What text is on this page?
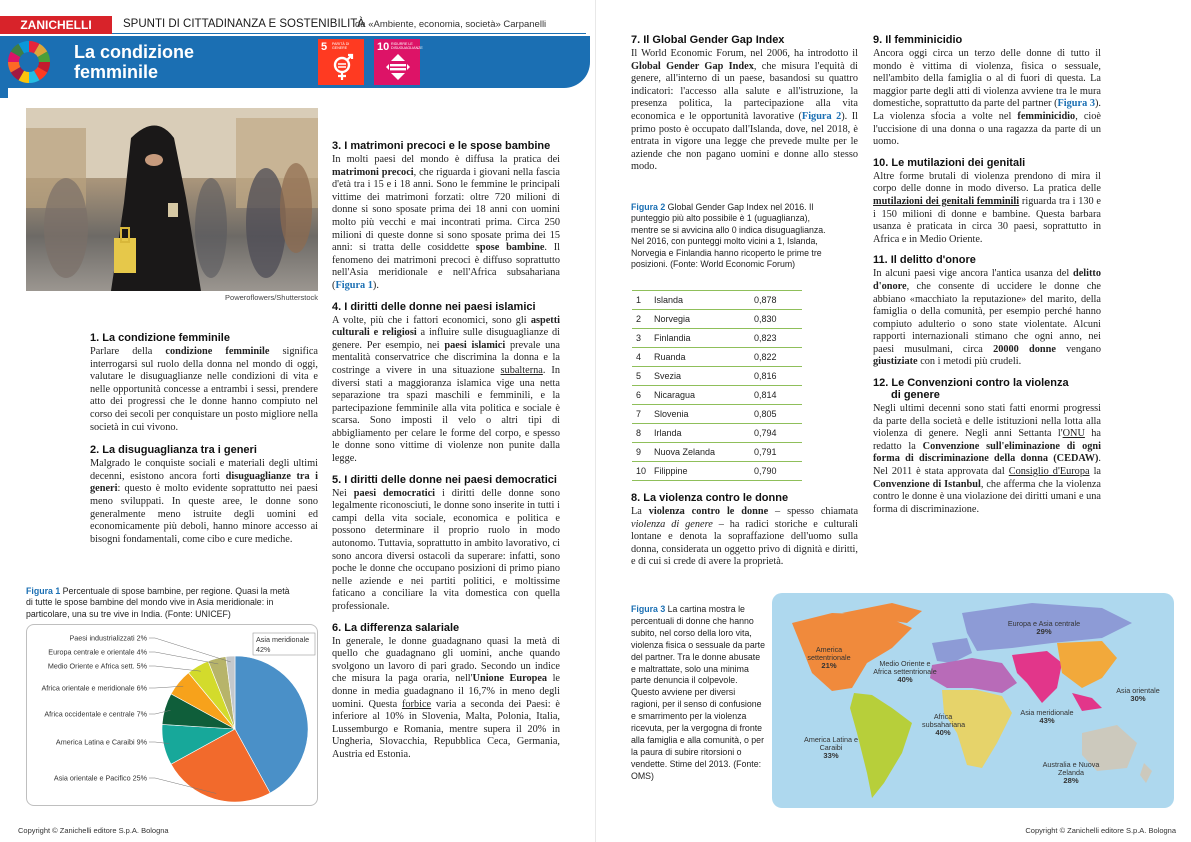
ZANICHELLI	SPUNTI DI CITTADINANZA E SOSTENIBILITÀ
da «Ambiente, economia, società» Carpanelli
La condizione femminile
5 PARITÀ DI GENERE	10 RIDURRE LE DISUGUAGLIANZE
Poweroflowers/Shutterstock
1. La condizione femminile

Parlare della condizione femminile significa interrogarsi sul ruolo della donna nel mondo di oggi, valutare le disuguaglianze nelle condizioni di vita e nelle opportunità concesse a entrambi i sessi, prendere atto dei progressi che le donne hanno compiuto nel corso dei secoli per conquistare un posto migliore nella società in cui vivono.

2. La disuguaglianza tra i generi

Malgrado le conquiste sociali e materiali degli ultimi decenni, esistono ancora forti disuguaglianze tra i generi: questo è molto evidente soprattutto nei paesi meno sviluppati. In queste aree, le donne sono generalmente meno istruite degli uomini ed economicamente più deboli, hanno minore accesso ai bisogni fondamentali, come cibo e cure mediche.

Figura 1 Percentuale di spose bambine, per regione. Quasi la metà di tutte le spose bambine del mondo vive in Asia meridionale: in particolare, una su tre vive in India. (Fonte: UNICEF)
Asia meridionale
42%
Paesi industrializzati 2%
Europa centrale e orientale 4%
Medio Oriente e Africa sett. 5%
Africa orientale e meridionale 6%
Africa occidentale e centrale 7%
America Latina e Caraibi 9%
Asia orientale e Pacifico 25%
3. I matrimoni precoci e le spose bambine

In molti paesi del mondo è diffusa la pratica dei matrimoni precoci, che riguarda i giovani nella fascia d'età tra i 15 e i 18 anni. Sono le femmine le principali vittime dei matrimoni forzati: oltre 720 milioni di donne si sono sposate prima dei 18 anni con uomini molto più vecchi e mai incontrati prima. Circa 250 milioni di queste donne si sono sposate prima dei 15 anni: si tratta delle cosiddette spose bambine. Il fenomeno dei matrimoni precoci è diffuso soprattutto nell'Asia meridionale e nell'Africa subsahariana (Figura 1).

4. I diritti delle donne nei paesi islamici

A volte, più che i fattori economici, sono gli aspetti culturali e religiosi a influire sulle disuguaglianze di genere. Per esempio, nei paesi islamici prevale una mentalità conservatrice che discrimina la donna e la costringe a vivere in una situazione subalterna. In diversi stati a maggioranza islamica vige una netta separazione tra spazi maschili e femminili, e la partecipazione femminile alla vita politica e sociale è scarsa. Sono imposti il velo o altri tipi di abbigliamento per celare le forme del corpo, e spesso le donne sono vittime di violenze non punite dalla legge.

5. I diritti delle donne nei paesi democratici

Nei paesi democratici i diritti delle donne sono legalmente riconosciuti, le donne sono inserite in tutti i campi della vita sociale, economica e politica e possono determinare il proprio ruolo in modo autonomo. Tuttavia, soprattutto in ambito lavorativo, ci sono ancora diversi ostacoli da superare: infatti, sono poche le donne che occupano posizioni di primo piano nelle aziende e nei partiti politici, e moltissime faticano a conciliare la vita domestica con quella professionale.

6. La differenza salariale

In generale, le donne guadagnano quasi la metà di quello che guadagnano gli uomini, anche quando svolgono un lavoro di pari grado. Secondo un indice che misura la paga oraria, nell'Unione Europea le donne in media guadagnano il 16,7% in meno degli uomini. Questa forbice varia a seconda dei Paesi: è inferiore al 10% in Slovenia, Malta, Polonia, Italia, Lussemburgo e Romania, mentre supera il 20% in Ungheria, Slovacchia, Repubblica Ceca, Germania, Austria ed Estonia.

Copyright © Zanichelli editore S.p.A. Bologna
7. Il Global Gender Gap Index

Il World Economic Forum, nel 2006, ha introdotto il Global Gender Gap Index, che misura l'equità di genere, all'interno di un paese, basandosi su quattro indicatori: l'accesso alla salute e all'istruzione, la presenza politica, la partecipazione alla vita economica e le opportunità lavorative (Figura 2). Il primo posto è occupato dall'Islanda, dove, nel 2018, è entrata in vigore una legge che prevede multe per le aziende che non pagano uomini e donne allo stesso modo.

Figura 2 Global Gender Gap Index nel 2016. Il punteggio più alto possibile è 1 (uguaglianza), mentre se si avvicina allo 0 indica disuguaglianza. Nel 2016, con punteggi molto vicini a 1, Islanda, Norvegia e Finlandia hanno ricoperto le prime tre posizioni. (Fonte: World Economic Forum)
1	Islanda	0,878
2	Norvegia	0,830
3	Finlandia	0,823
4	Ruanda	0,822
5	Svezia	0,816
6	Nicaragua	0,814
7	Slovenia	0,805
8	Irlanda	0,794
9	Nuova Zelanda	0,791
10	Filippine	0,790
8. La violenza contro le donne

La violenza contro le donne – spesso chiamata violenza di genere – ha radici storiche e culturali lontane e denota la sopraffazione dell'uomo sulla donna, considerata un oggetto privo di dignità e diritti, e di cui si crede di avere la proprietà.

Figura 3 La cartina mostra le percentuali di donne che hanno subito, nel corso della loro vita, violenza fisica o sessuale da parte del partner. Tra le donne abusate e maltrattate, solo una minima parte denuncia il colpevole. Questo avviene per diversi ragioni, per il senso di confusione e smarrimento per la violenza ricevuta, per la vergogna di fronte alla famiglia e alla comunità, o per la paura di subire ritorsioni o vendette. Stime del 2013. (Fonte: OMS)
America settentrionale
21%
America Latina e Caraibi
33%
Medio Oriente e Africa settentrionale
40%
Africa subsahariana
40%
Europa e Asia centrale
29%
Asia meridionale
43%
Asia orientale
30%
Australia e Nuova Zelanda
28%
9. Il femminicidio

Ancora oggi circa un terzo delle donne di tutto il mondo è vittima di violenza, fisica o sessuale, nell'ambito della famiglia o al di fuori di questa. La maggior parte degli atti di violenza avviene tra le mura domestiche, soprattutto da parte del partner (Figura 3). La violenza sfocia a volte nel femminicidio, cioè l'uccisione di una donna o una ragazza da parte di un uomo.

10. Le mutilazioni dei genitali

Altre forme brutali di violenza prendono di mira il corpo delle donne in modo diverso. La pratica delle mutilazioni dei genitali femminili riguarda tra i 130 e i 150 milioni di donne e bambine. Questa barbara usanza è praticata in circa 30 paesi, soprattutto in Africa e in Medio Oriente.

11. Il delitto d'onore

In alcuni paesi vige ancora l'antica usanza del delitto d'onore, che consente di uccidere le donne che abbiano «macchiato la reputazione» del marito, della famiglia o della comunità, per esempio perché hanno compiuto adulterio o sono state violentate. Alcuni rapporti internazionali stimano che ogni anno, nei paesi musulmani, circa 20000 donne vengano giustiziate con i metodi più crudeli.

12. Le Convenzioni contro la violenza
di genere

Negli ultimi decenni sono stati fatti enormi progressi da parte della società e delle istituzioni nella lotta alla violenza di genere. Negli anni Settanta l'ONU ha redatto la Convenzione sull'eliminazione di ogni forma di discriminazione della donna (CEDAW). Nel 2011 è stata approvata dal Consiglio d'Europa la Convenzione di Istanbul, che afferma che la violenza contro le donne è una violazione dei diritti umani e una forma di discriminazione.

Copyright © Zanichelli editore S.p.A. Bologna
